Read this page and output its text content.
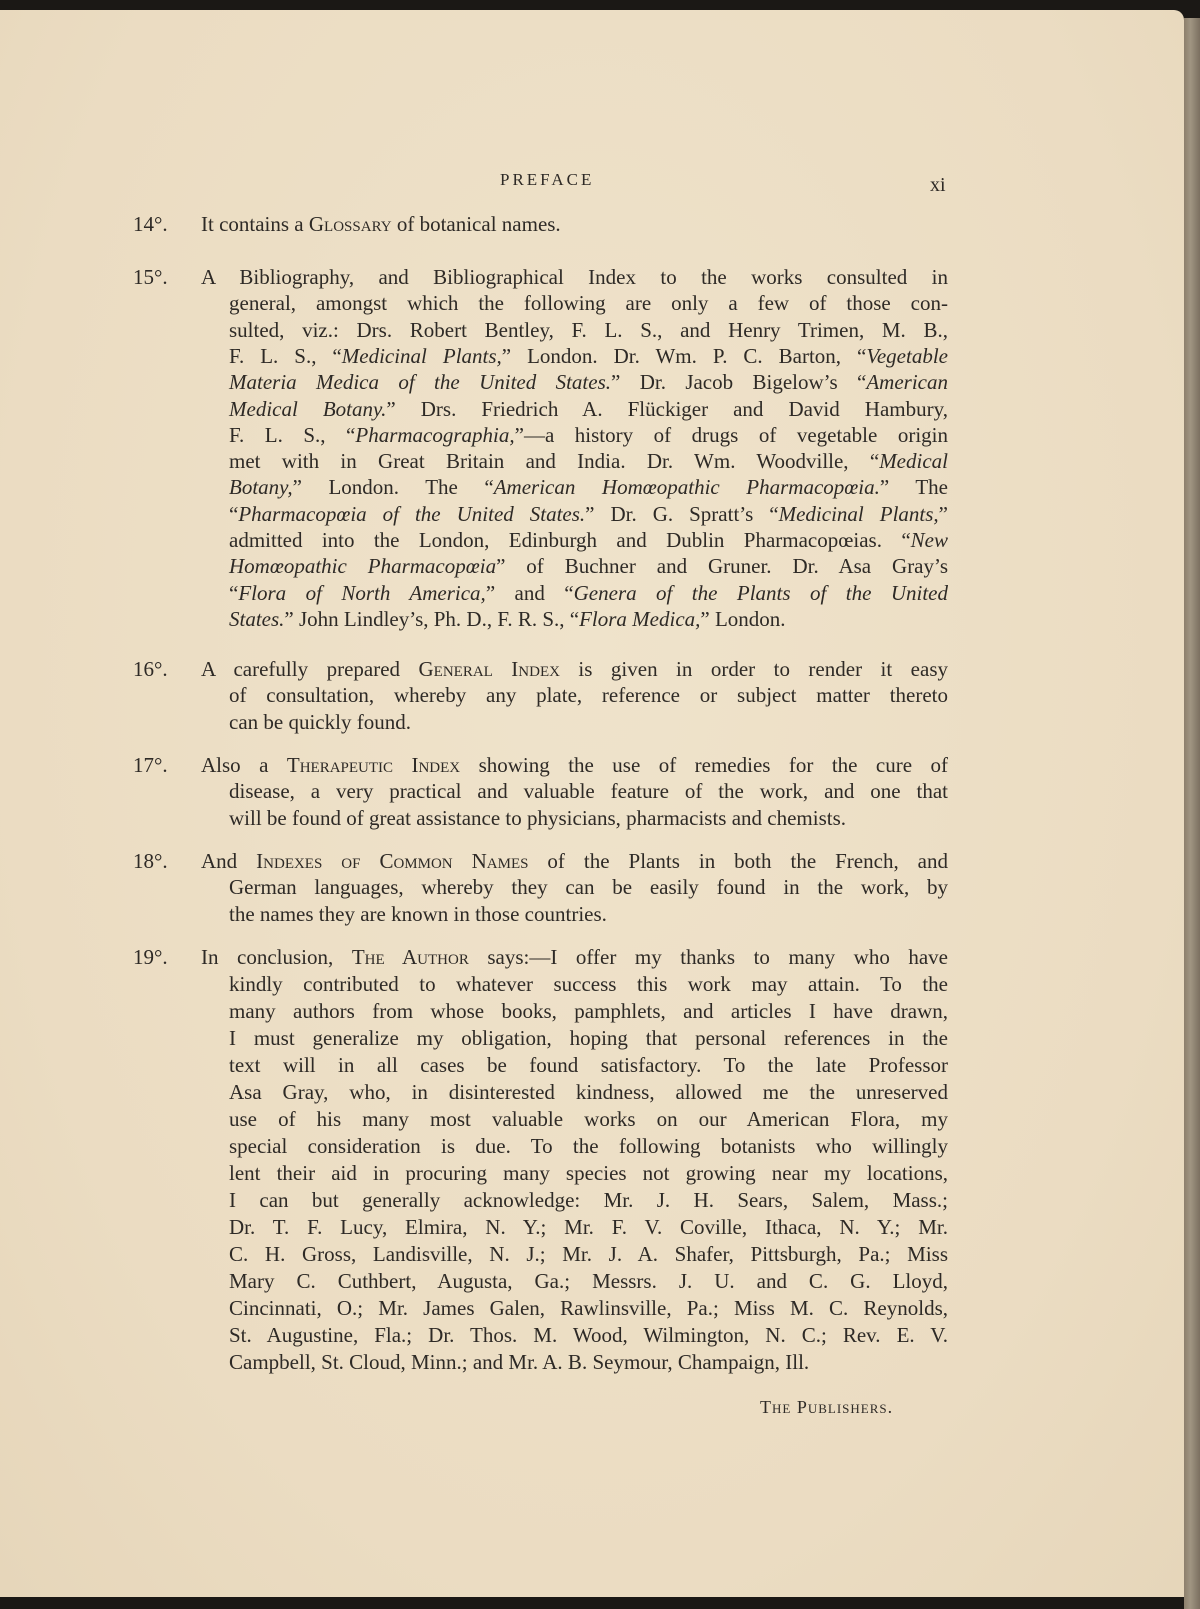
PREFACE	xi
14°. It contains a Glossary of botanical names.
15°. A Bibliography, and Bibliographical Index to the works consulted in
general, amongst which the following are only a few of those con-
sulted, viz.: Drs. Robert Bentley, F. L. S., and Henry Trimen, M. B.,
F. L. S., “Medicinal Plants,” London. Dr. Wm. P. C. Barton, “Vegetable
Materia Medica of the United States.” Dr. Jacob Bigelow’s “American
Medical Botany.” Drs. Friedrich A. Flückiger and David Hambury,
F. L. S., “Pharmacographia,”—a history of drugs of vegetable origin
met with in Great Britain and India. Dr. Wm. Woodville, “Medical
Botany,” London. The “American Homœopathic Pharmacopœia.” The
“Pharmacopœia of the United States.” Dr. G. Spratt’s “Medicinal Plants,”
admitted into the London, Edinburgh and Dublin Pharmacopœias. “New
Homœopathic Pharmacopœia” of Buchner and Gruner. Dr. Asa Gray’s
“Flora of North America,” and “Genera of the Plants of the United
States.” John Lindley’s, Ph. D., F. R. S., “Flora Medica,” London.
16°. A carefully prepared General Index is given in order to render it easy
of consultation, whereby any plate, reference or subject matter thereto
can be quickly found.
17°. Also a Therapeutic Index showing the use of remedies for the cure of
disease, a very practical and valuable feature of the work, and one that
will be found of great assistance to physicians, pharmacists and chemists.
18°. And Indexes of Common Names of the Plants in both the French, and
German languages, whereby they can be easily found in the work, by
the names they are known in those countries.
19°. In conclusion, The Author says:—I offer my thanks to many who have
kindly contributed to whatever success this work may attain. To the
many authors from whose books, pamphlets, and articles I have drawn,
I must generalize my obligation, hoping that personal references in the
text will in all cases be found satisfactory. To the late Professor
Asa Gray, who, in disinterested kindness, allowed me the unreserved
use of his many most valuable works on our American Flora, my
special consideration is due. To the following botanists who willingly
lent their aid in procuring many species not growing near my locations,
I can but generally acknowledge: Mr. J. H. Sears, Salem, Mass.;
Dr. T. F. Lucy, Elmira, N. Y.; Mr. F. V. Coville, Ithaca, N. Y.; Mr.
C. H. Gross, Landisville, N. J.; Mr. J. A. Shafer, Pittsburgh, Pa.; Miss
Mary C. Cuthbert, Augusta, Ga.; Messrs. J. U. and C. G. Lloyd,
Cincinnati, O.; Mr. James Galen, Rawlinsville, Pa.; Miss M. C. Reynolds,
St. Augustine, Fla.; Dr. Thos. M. Wood, Wilmington, N. C.; Rev. E. V.
Campbell, St. Cloud, Minn.; and Mr. A. B. Seymour, Champaign, Ill.
The Publishers.
